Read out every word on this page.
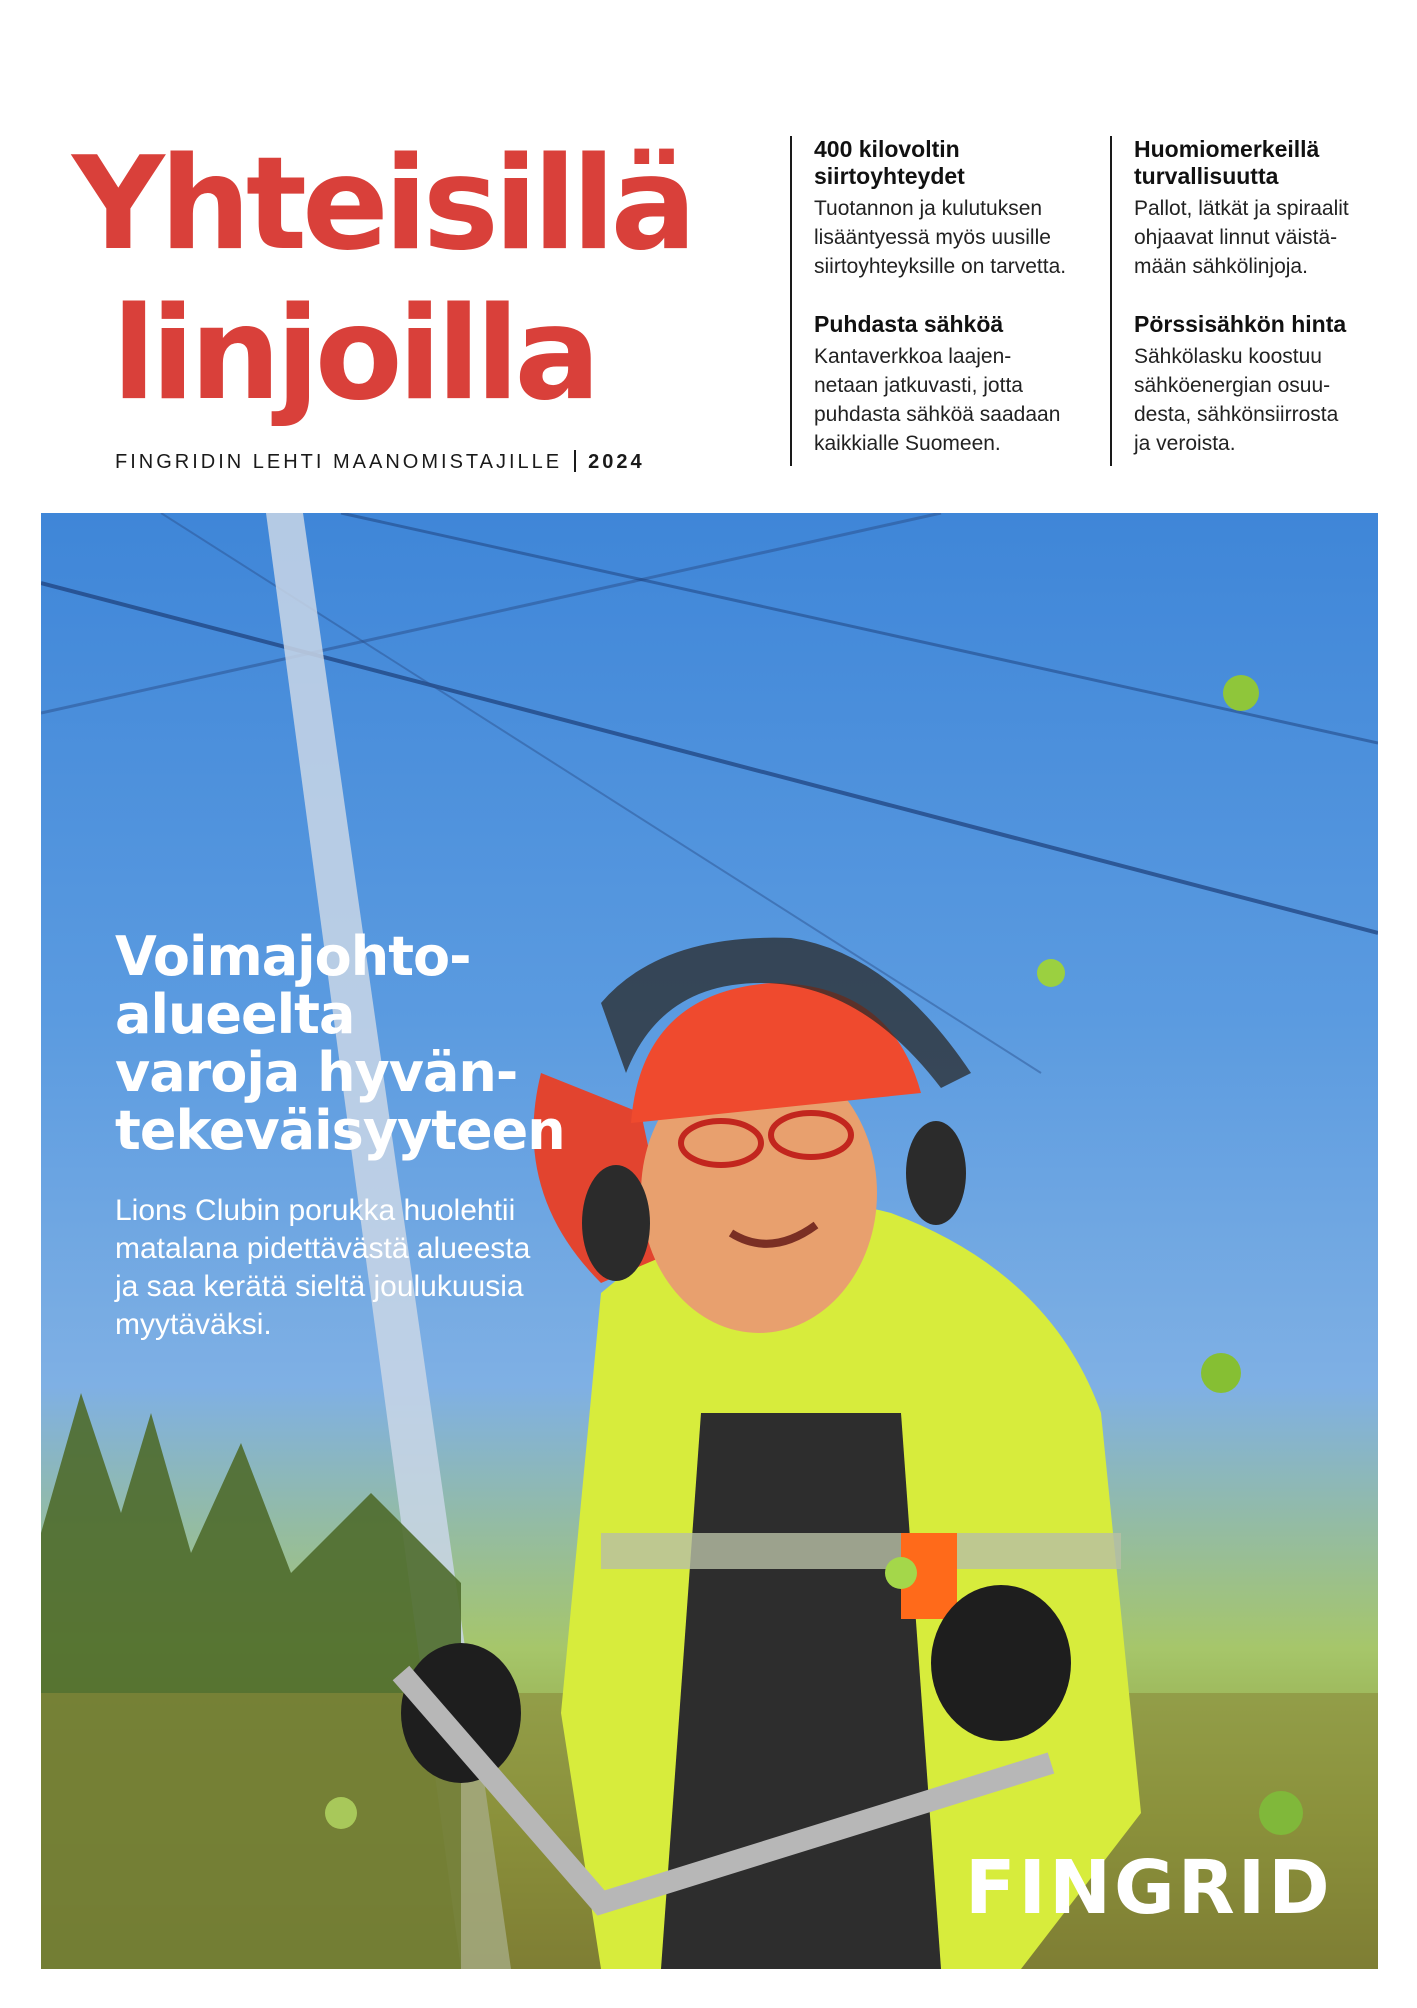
Yhteisillä
linjoilla
FINGRIDIN LEHTI MAANOMISTAJILLE 2024
400 kilovoltin
siirtoyhteydet

Tuotannon ja kulutuksen
lisääntyessä myös uusille
siirtoyhteyksille on tarvetta.

Puhdasta sähköä

Kantaverkkoa laajen-
netaan jatkuvasti, jotta
puhdasta sähköä saadaan
kaikkialle Suomeen.

Huomiomerkeillä
turvallisuutta

Pallot, lätkät ja spiraalit
ohjaavat linnut väistä-
mään sähkölinjoja.

Pörssisähkön hinta

Sähkölasku koostuu
sähköenergian osuu-
desta, sähkönsiirrosta
ja veroista.

Voimajohto-
alueelta
varoja hyvän-
tekeväisyyteen

Lions Clubin porukka huolehtii
matalana pidettävästä alueesta
ja saa kerätä sieltä joulukuusia
myytäväksi.

FINGRID
